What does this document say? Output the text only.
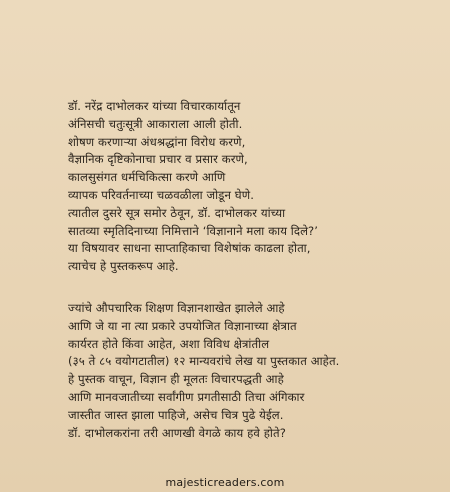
डॉ. नरेंद्र दाभोलकर यांच्या विचारकार्यातून
अंनिसची चतुःसूत्री आकाराला आली होती.
शोषण करणाऱ्या अंधश्रद्धांना विरोध करणे,
वैज्ञानिक दृष्टिकोनाचा प्रचार व प्रसार करणे,
कालसुसंगत धर्मचिकित्सा करणे आणि
व्यापक परिवर्तनाच्या चळवळीला जोडून घेणे.
त्यातील दुसरे सूत्र समोर ठेवून, डॉ. दाभोलकर यांच्या
सातव्या स्मृतिदिनाच्या निमित्ताने ‘विज्ञानाने मला काय दिले?’
या विषयावर साधना साप्ताहिकाचा विशेषांक काढला होता,
त्याचेच हे पुस्तकरूप आहे.
ज्यांचे औपचारिक शिक्षण विज्ञानशाखेत झालेले आहे
आणि जे या ना त्या प्रकारे उपयोजित विज्ञानाच्या क्षेत्रात
कार्यरत होते किंवा आहेत, अशा विविध क्षेत्रांतील
(३५ ते ८५ वयोगटातील) १२ मान्यवरांचे लेख या पुस्तकात आहेत.
हे पुस्तक वाचून, विज्ञान ही मूलतः विचारपद्धती आहे
आणि मानवजातीच्या सर्वांगीण प्रगतीसाठी तिचा अंगिकार
जास्तीत जास्त झाला पाहिजे, असेच चित्र पुढे येईल.
डॉ. दाभोलकरांना तरी आणखी वेगळे काय हवे होते?
majesticreaders.com
